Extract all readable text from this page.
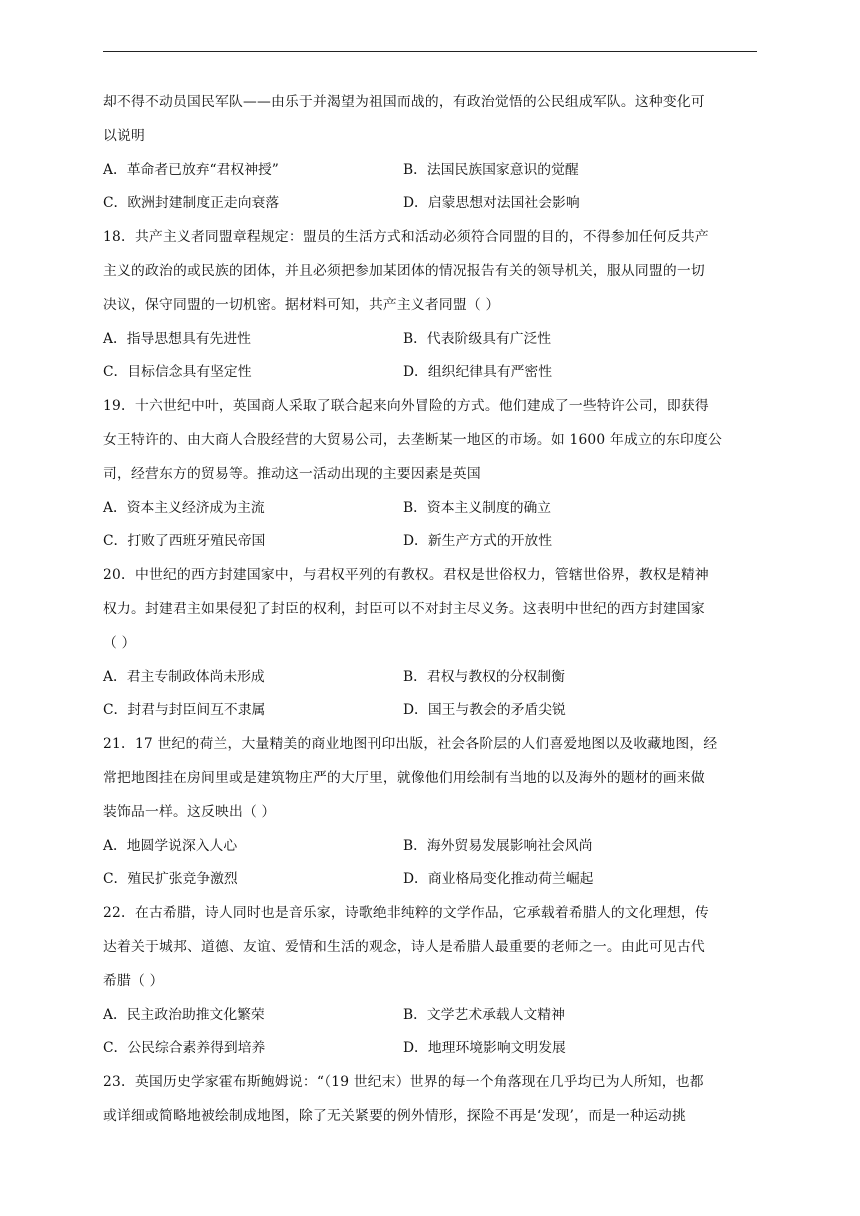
却不得不动员国民军队——由乐于并渴望为祖国而战的，有政治觉悟的公民组成军队。这种变化可
以说明
A．革命者已放弃“君权神授”	B．法国民族国家意识的觉醒
C．欧洲封建制度正走向衰落	D．启蒙思想对法国社会影响
18．共产主义者同盟章程规定：盟员的生活方式和活动必须符合同盟的目的，不得参加任何反共产
主义的政治的或民族的团体，并且必须把参加某团体的情况报告有关的领导机关，服从同盟的一切
决议，保守同盟的一切机密。据材料可知，共产主义者同盟（ ）
A．指导思想具有先进性	B．代表阶级具有广泛性
C．目标信念具有坚定性	D．组织纪律具有严密性
19．十六世纪中叶，英国商人采取了联合起来向外冒险的方式。他们建成了一些特许公司，即获得
女王特许的、由大商人合股经营的大贸易公司，去垄断某一地区的市场。如 1600 年成立的东印度公
司，经营东方的贸易等。推动这一活动出现的主要因素是英国
A．资本主义经济成为主流	B．资本主义制度的确立
C．打败了西班牙殖民帝国	D．新生产方式的开放性
20．中世纪的西方封建国家中，与君权平列的有教权。君权是世俗权力，管辖世俗界，教权是精神
权力。封建君主如果侵犯了封臣的权利，封臣可以不对封主尽义务。这表明中世纪的西方封建国家
（ ）
A．君主专制政体尚未形成	B．君权与教权的分权制衡
C．封君与封臣间互不隶属	D．国王与教会的矛盾尖锐
21．17 世纪的荷兰，大量精美的商业地图刊印出版，社会各阶层的人们喜爱地图以及收藏地图，经
常把地图挂在房间里或是建筑物庄严的大厅里，就像他们用绘制有当地的以及海外的题材的画来做
装饰品一样。这反映出（ ）
A．地圆学说深入人心	B．海外贸易发展影响社会风尚
C．殖民扩张竞争激烈	D．商业格局变化推动荷兰崛起
22．在古希腊，诗人同时也是音乐家，诗歌绝非纯粹的文学作品，它承载着希腊人的文化理想，传
达着关于城邦、道德、友谊、爱情和生活的观念，诗人是希腊人最重要的老师之一。由此可见古代
希腊（ ）
A．民主政治助推文化繁荣	B．文学艺术承载人文精神
C．公民综合素养得到培养	D．地理环境影响文明发展
23．英国历史学家霍布斯鲍姆说：“（19 世纪末）世界的每一个角落现在几乎均已为人所知，也都
或详细或简略地被绘制成地图，除了无关紧要的例外情形，探险不再是‘发现’，而是一种运动挑
